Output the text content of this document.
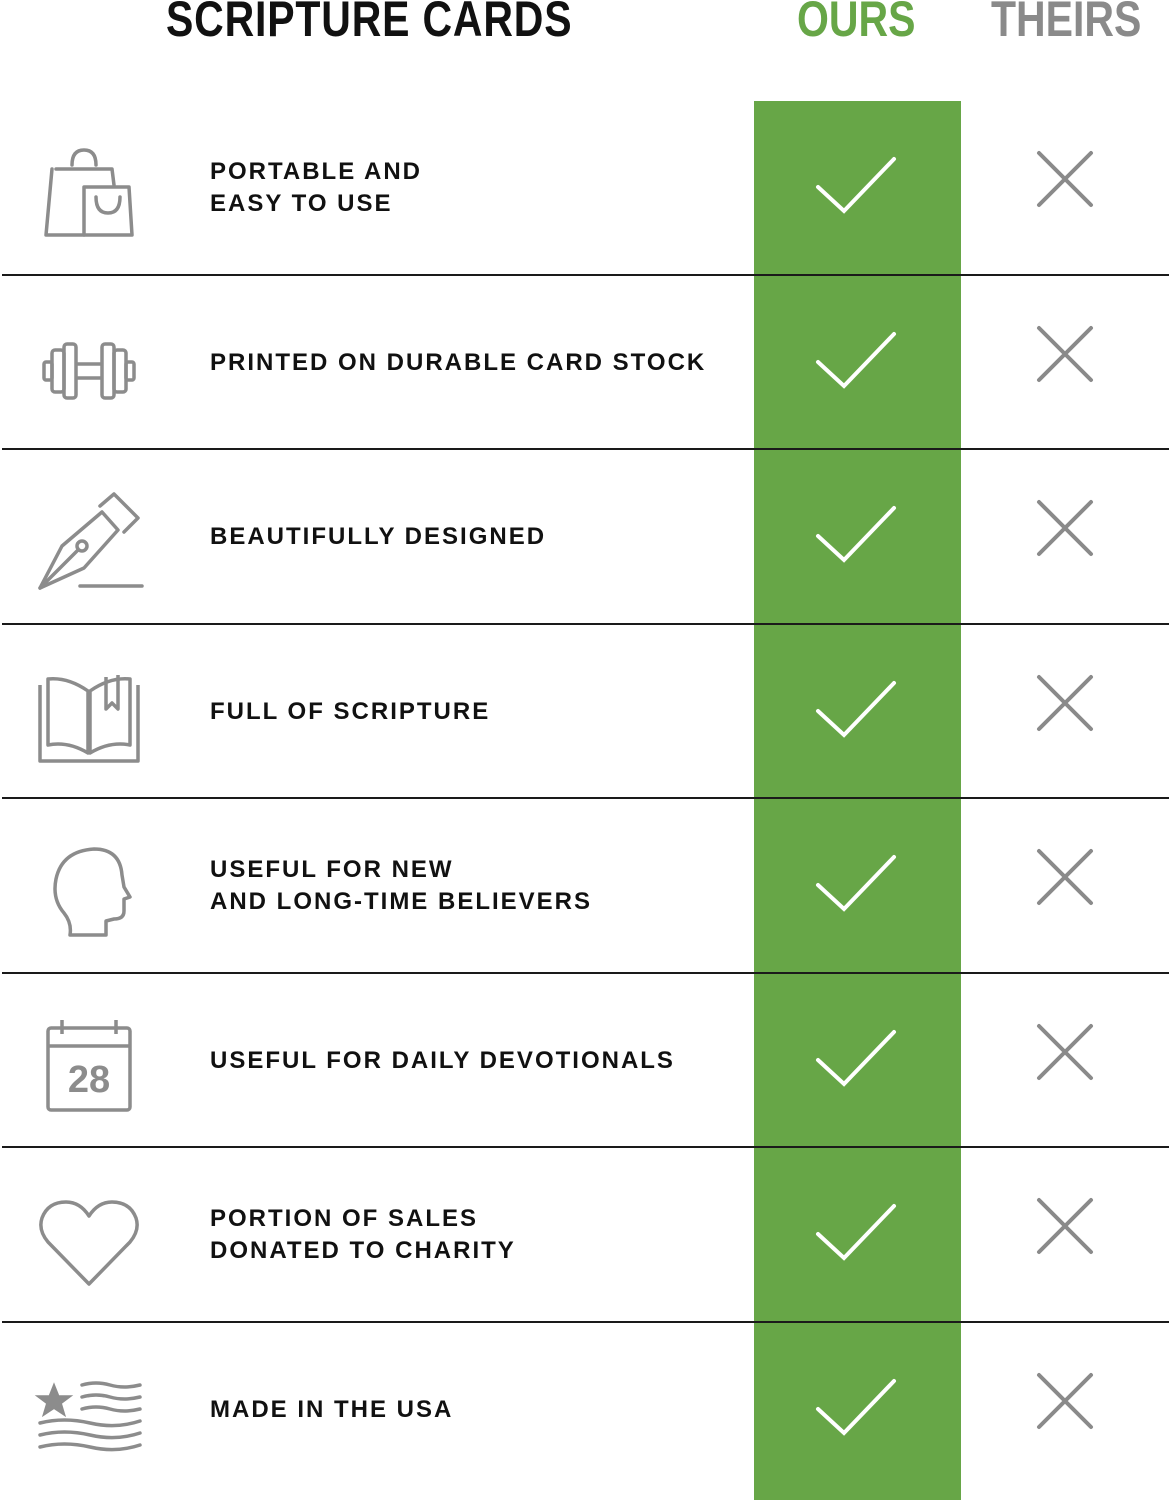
SCRIPTURE CARDS	OURS THEIRS
PORTABLE AND
EASY TO USE
PRINTED ON DURABLE CARD STOCK
BEAUTIFULLY DESIGNED
FULL OF SCRIPTURE
USEFUL FOR NEW
AND LONG-TIME BELIEVERS
28	USEFUL FOR DAILY DEVOTIONALS
PORTION OF SALES
DONATED TO CHARITY
MADE IN THE USA
